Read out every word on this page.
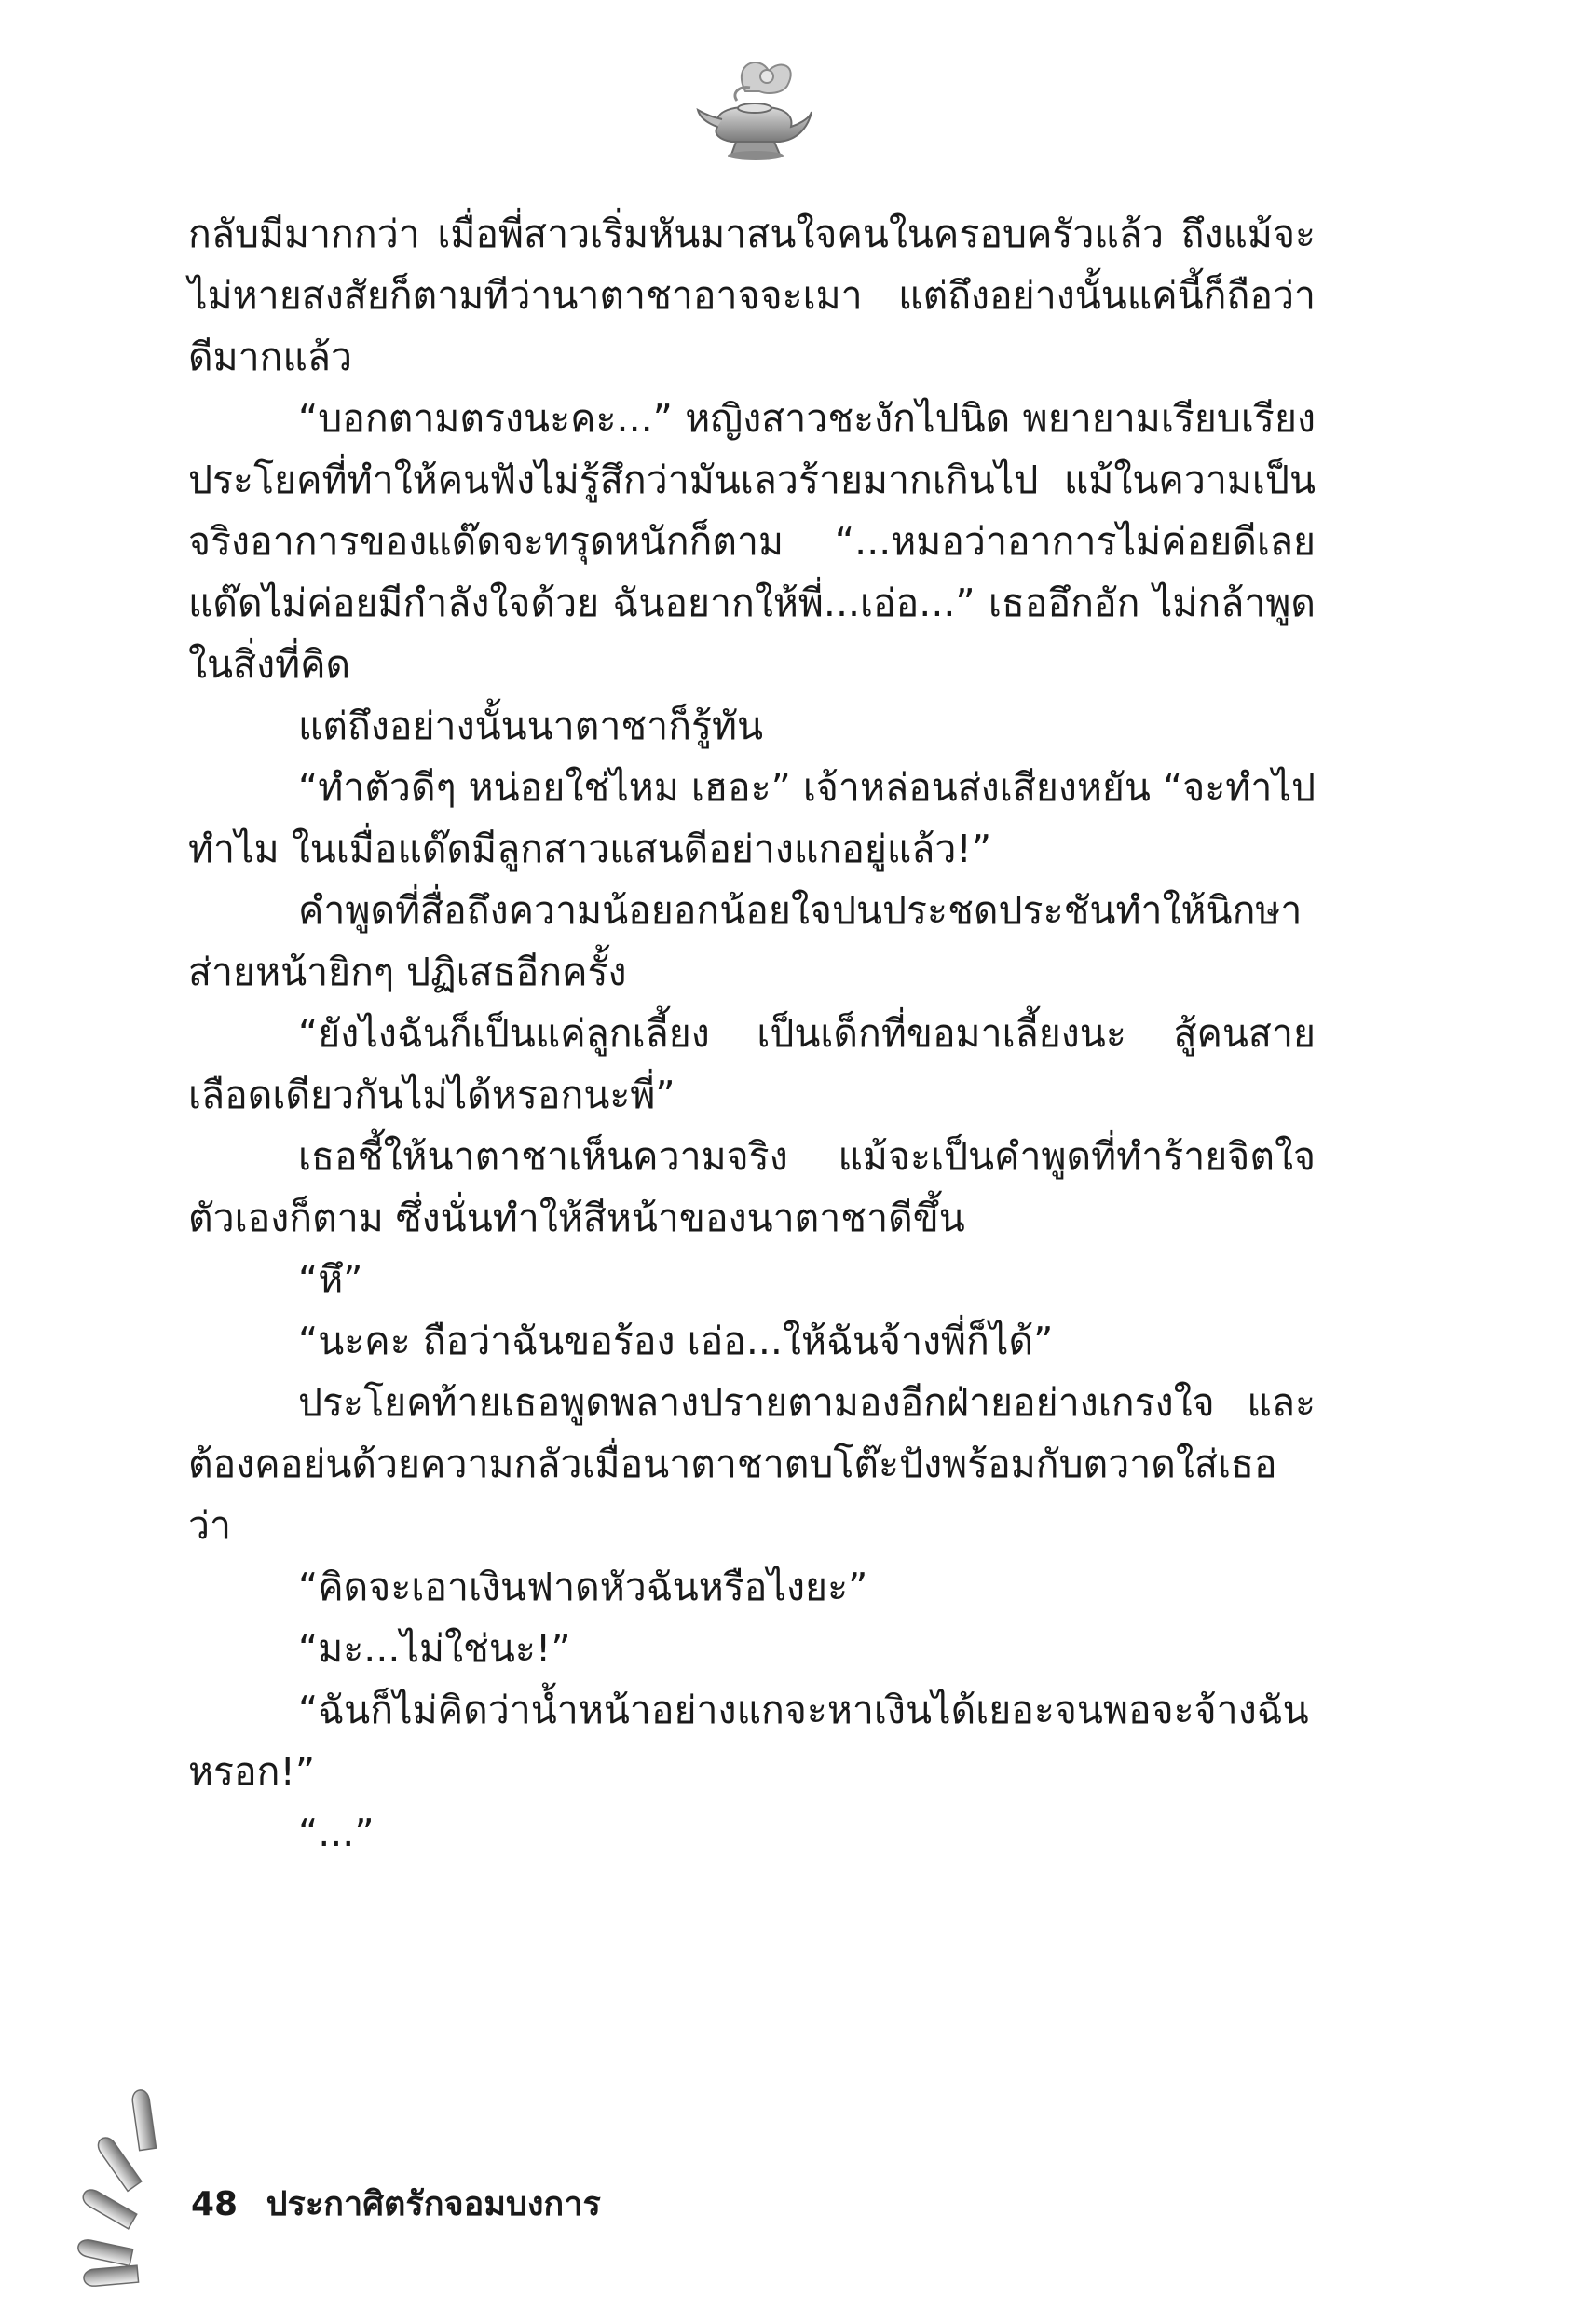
กลับมีมากกว่า เมื่อพี่สาวเริ่มหันมาสนใจคนในครอบครัวแล้ว ถึงแม้จะไม่หายสงสัยก็ตามทีว่านาตาชาอาจจะเมา แต่ถึงอย่างนั้นแค่นี้ก็ถือว่าดีมากแล้ว

“บอกตามตรงนะคะ...” หญิงสาวชะงักไปนิด พยายามเรียบเรียงประโยคที่ทำให้คนฟังไม่รู้สึกว่ามันเลวร้ายมากเกินไป แม้ในความเป็นจริงอาการของแด๊ดจะทรุดหนักก็ตาม “...หมอว่าอาการไม่ค่อยดีเลย แด๊ดไม่ค่อยมีกำลังใจด้วย ฉันอยากให้พี่...เอ่อ...” เธออึกอัก ไม่กล้าพูดในสิ่งที่คิด

แต่ถึงอย่างนั้นนาตาชาก็รู้ทัน

“ทำตัวดีๆ หน่อยใช่ไหม เฮอะ” เจ้าหล่อนส่งเสียงหยัน “จะทำไปทำไม ในเมื่อแด๊ดมีลูกสาวแสนดีอย่างแกอยู่แล้ว!”

คำพูดที่สื่อถึงความน้อยอกน้อยใจปนประชดประชันทำให้นิกษาส่ายหน้ายิกๆ ปฏิเสธอีกครั้ง

“ยังไงฉันก็เป็นแค่ลูกเลี้ยง เป็นเด็กที่ขอมาเลี้ยงนะ สู้คนสายเลือดเดียวกันไม่ได้หรอกนะพี่”

เธอชี้ให้นาตาชาเห็นความจริง แม้จะเป็นคำพูดที่ทำร้ายจิตใจตัวเองก็ตาม ซึ่งนั่นทำให้สีหน้าของนาตาชาดีขึ้น

“หึ”

“นะคะ ถือว่าฉันขอร้อง เอ่อ...ให้ฉันจ้างพี่ก็ได้”

ประโยคท้ายเธอพูดพลางปรายตามองอีกฝ่ายอย่างเกรงใจ และต้องคอย่นด้วยความกลัวเมื่อนาตาชาตบโต๊ะปังพร้อมกับตวาดใส่เธอว่า

“คิดจะเอาเงินฟาดหัวฉันหรือไงยะ”

“มะ...ไม่ใช่นะ!”

“ฉันก็ไม่คิดว่าน้ำหน้าอย่างแกจะหาเงินได้เยอะจนพอจะจ้างฉันหรอก!”

“...”

48 ประกาศิตรักจอมบงการ
